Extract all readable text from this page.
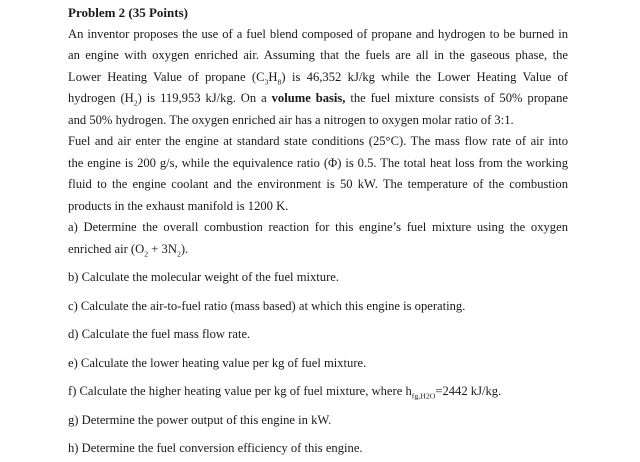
Problem 2 (35 Points)
An inventor proposes the use of a fuel blend composed of propane and hydrogen to be burned in
an engine with oxygen enriched air. Assuming that the fuels are all in the gaseous phase, the
Lower Heating Value of propane $(C_3H_8)$ is 46,352 kJ/kg while the Lower Heating Value of
hydrogen $(H_2)$ is 119,953 kJ/kg. On a volume basis, the fuel mixture consists of 50% propane
and 50% hydrogen. The oxygen enriched air has a nitrogen to oxygen molar ratio of 3:1.
Fuel and air enter the engine at standard state conditions (25°C). The mass flow rate of air into
the engine is 200 g/s, while the equivalence ratio (Φ) is 0.5. The total heat loss from the working
fluid to the engine coolant and the environment is 50 kW. The temperature of the combustion
products in the exhaust manifold is 1200 K.
a) Determine the overall combustion reaction for this engine’s fuel mixture using the oxygen
enriched air $(O_2 + 3N_2)$.
b) Calculate the molecular weight of the fuel mixture.
c) Calculate the air-to-fuel ratio (mass based) at which this engine is operating.
d) Calculate the fuel mass flow rate.
e) Calculate the lower heating value per kg of fuel mixture.
f) Calculate the higher heating value per kg of fuel mixture, where $h_{fg,H2O}=2442$ kJ/kg.
g) Determine the power output of this engine in kW.
h) Determine the fuel conversion efficiency of this engine.
